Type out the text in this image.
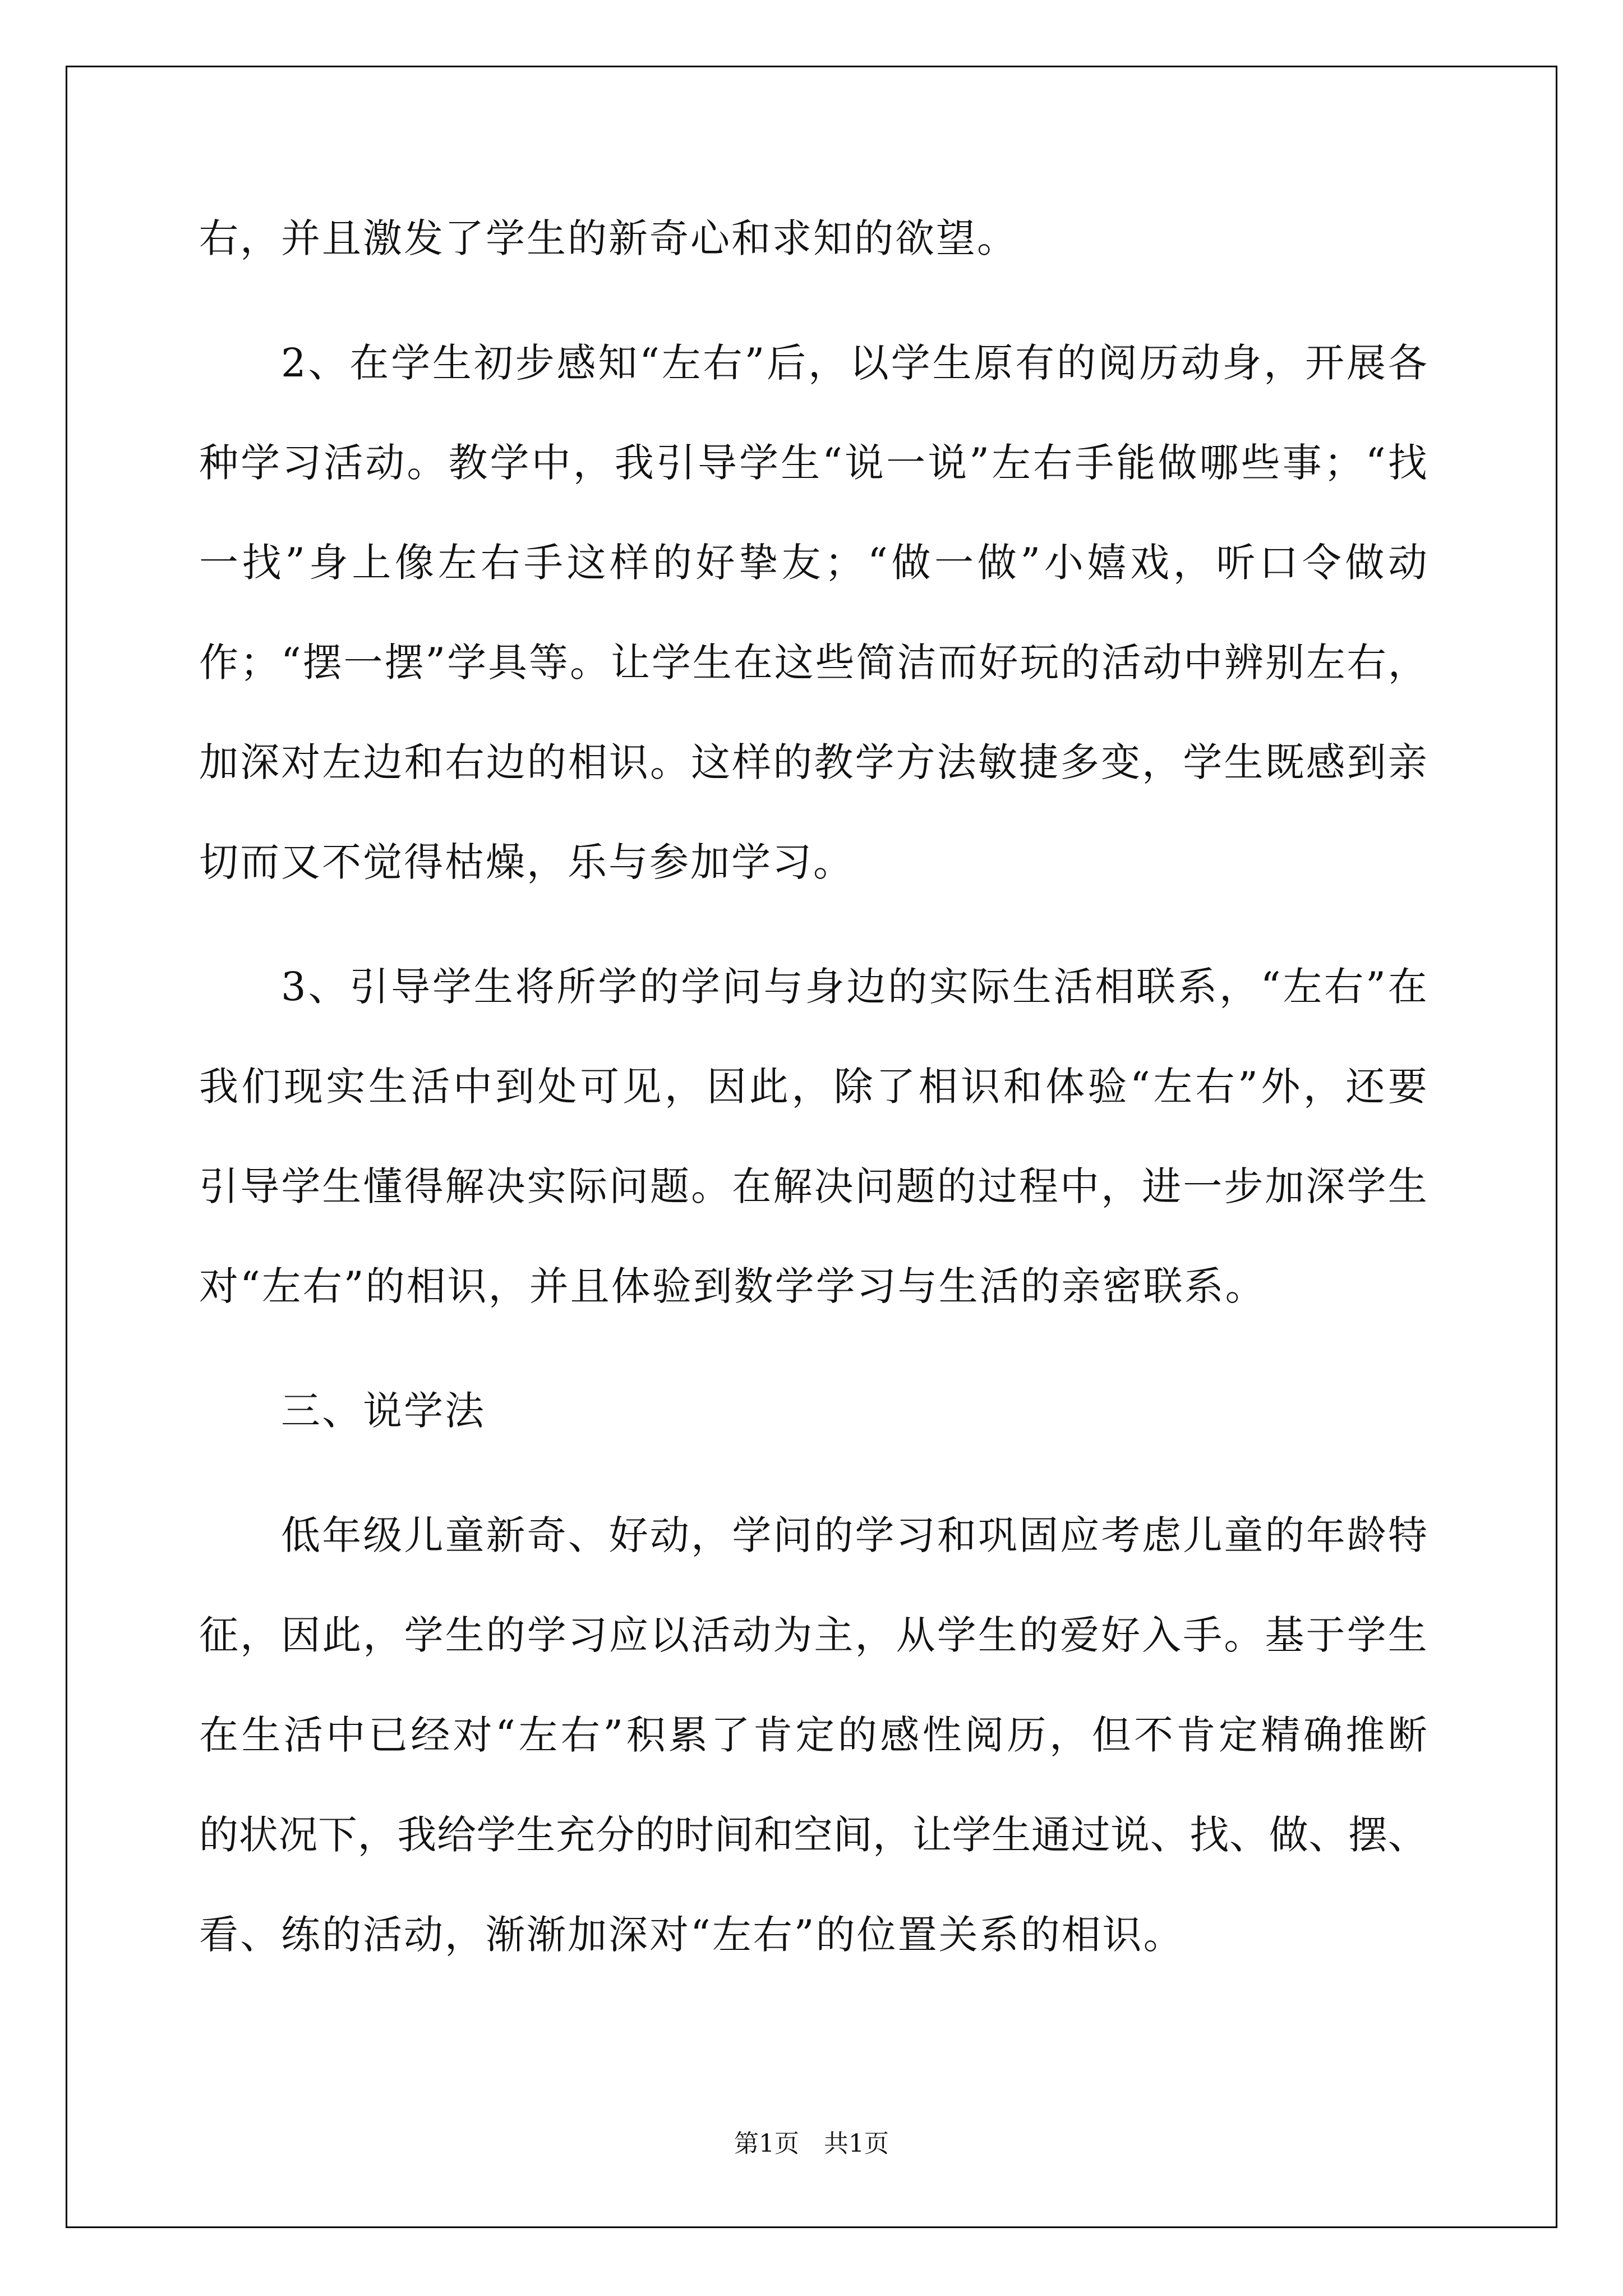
右，并且激发了学生的新奇心和求知的欲望。
2 、 在 学 生 初 步 感 知 “ 左 右 ” 后 ， 以 学 生 原 有 的 阅 历 动 身 ， 开 展 各
种 学 习 活 动 。 教 学 中 ， 我 引 导 学 生 “ 说 一 说 ” 左 右 手 能 做 哪 些 事 ； “ 找
一 找 ” 身 上 像 左 右 手 这 样 的 好 挚 友 ； “ 做 一 做 ” 小 嬉 戏 ， 听 口 令 做 动
作 ； “ 摆 一 摆 ” 学 具 等 。 让 学 生 在 这 些 简 洁 而 好 玩 的 活 动 中 辨 别 左 右 ，
加 深 对 左 边 和 右 边 的 相 识 。 这 样 的 教 学 方 法 敏 捷 多 变 ， 学 生 既 感 到 亲
切而又不觉得枯燥，乐与参加学习。
3 、 引 导 学 生 将 所 学 的 学 问 与 身 边 的 实 际 生 活 相 联 系 ， “ 左 右 ” 在
我 们 现 实 生 活 中 到 处 可 见 ， 因 此 ， 除 了 相 识 和 体 验 “ 左 右 ” 外 ， 还 要
引 导 学 生 懂 得 解 决 实 际 问 题 。 在 解 决 问 题 的 过 程 中 ， 进 一 步 加 深 学 生
对“左右”的相识，并且体验到数学学习与生活的亲密联系。
三、说学法
低 年 级 儿 童 新 奇 、 好 动 ， 学 问 的 学 习 和 巩 固 应 考 虑 儿 童 的 年 龄 特
征 ， 因 此 ， 学 生 的 学 习 应 以 活 动 为 主 ， 从 学 生 的 爱 好 入 手 。 基 于 学 生
在 生 活 中 已 经 对 “ 左 右 ” 积 累 了 肯 定 的 感 性 阅 历 ， 但 不 肯 定 精 确 推 断
的 状 况 下 ， 我 给 学 生 充 分 的 时 间 和 空 间 ， 让 学 生 通 过 说 、 找 、 做 、 摆 、
看、练的活动，渐渐加深对“左右”的位置关系的相识。
第1页　共1页
